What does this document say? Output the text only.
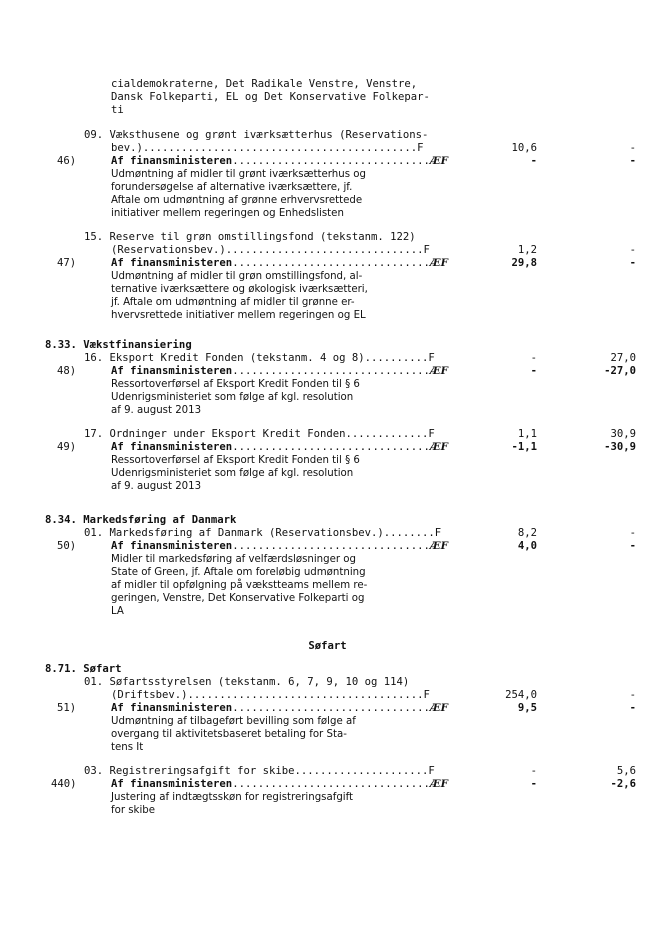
cialdemokraterne, Det Radikale Venstre, Venstre,
Dansk Folkeparti, EL og Det Konservative Folkepar-
ti
09. Væksthusene og grønt iværksætterhus (Reservations-
bev.)...........................................F	10,6	-
46)	Af finansministeren...............................ÆF	-	-
Udmøntning af midler til grønt iværksætterhus og
forundersøgelse af alternative iværksættere, jf.
Aftale om udmøntning af grønne erhvervsrettede
initiativer mellem regeringen og Enhedslisten
15. Reserve til grøn omstillingsfond (tekstanm. 122)
(Reservationsbev.)...............................F	1,2	-
47)	Af finansministeren...............................ÆF	29,8	-
Udmøntning af midler til grøn omstillingsfond, al-
ternative iværksættere og økologisk iværksætteri,
jf. Aftale om udmøntning af midler til grønne er-
hvervsrettede initiativer mellem regeringen og EL
8.33. Vækstfinansiering
16. Eksport Kredit Fonden (tekstanm. 4 og 8)..........F	-	27,0
48)	Af finansministeren...............................ÆF	-	-27,0
Ressortoverførsel af Eksport Kredit Fonden til § 6
Udenrigsministeriet som følge af kgl. resolution
af 9. august 2013
17. Ordninger under Eksport Kredit Fonden.............F	1,1	30,9
49)	Af finansministeren...............................ÆF	-1,1	-30,9
Ressortoverførsel af Eksport Kredit Fonden til § 6
Udenrigsministeriet som følge af kgl. resolution
af 9. august 2013
8.34. Markedsføring af Danmark
01. Markedsføring af Danmark (Reservationsbev.)........F	8,2	-
50)	Af finansministeren...............................ÆF	4,0	-
Midler til markedsføring af velfærdsløsninger og
State of Green, jf. Aftale om foreløbig udmøntning
af midler til opfølgning på vækstteams mellem re-
geringen, Venstre, Det Konservative Folkeparti og
LA
Søfart
8.71. Søfart
01. Søfartsstyrelsen (tekstanm. 6, 7, 9, 10 og 114)
(Driftsbev.).....................................F	254,0	-
51)	Af finansministeren...............................ÆF	9,5	-
Udmøntning af tilbageført bevilling som følge af
overgang til aktivitetsbaseret betaling for Sta-
tens It
03. Registreringsafgift for skibe.....................F	-	5,6
440)	Af finansministeren...............................ÆF	-	-2,6
Justering af indtægtsskøn for registreringsafgift
for skibe
